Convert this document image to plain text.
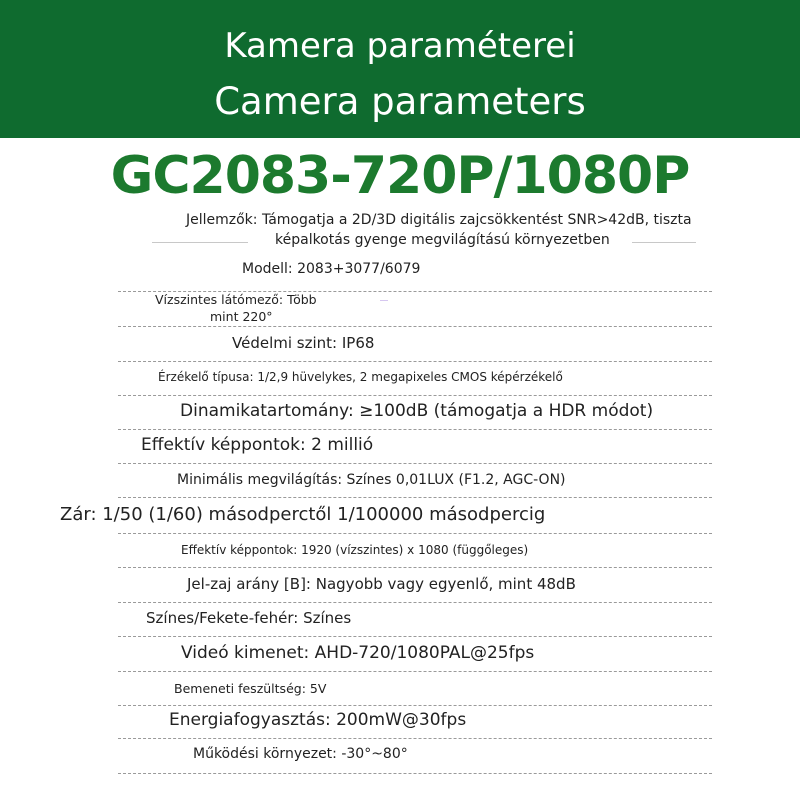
Kamera paraméterei
Camera parameters
GC2083-720P/1080P
Jellemzők: Támogatja a 2D/3D digitális zajcsökkentést SNR>42dB, tiszta
képalkotás gyenge megvilágítású környezetben
Modell: 2083+3077/6079
Vízszintes látómező: Több
mint 220°
Védelmi szint: IP68
Érzékelő típusa: 1/2,9 hüvelykes, 2 megapixeles CMOS képérzékelő
Dinamikatartomány: ≥100dB (támogatja a HDR módot)
Effektív képpontok: 2 millió
Minimális megvilágítás: Színes 0,01LUX (F1.2, AGC-ON)
Zár: 1/50 (1/60) másodperctől 1/100000 másodpercig
Effektív képpontok: 1920 (vízszintes) x 1080 (függőleges)
Jel-zaj arány [B]: Nagyobb vagy egyenlő, mint 48dB
Színes/Fekete-fehér: Színes
Videó kimenet: AHD-720/1080PAL@25fps
Bemeneti feszültség: 5V
Energiafogyasztás: 200mW@30fps
Működési környezet: -30°~80°
